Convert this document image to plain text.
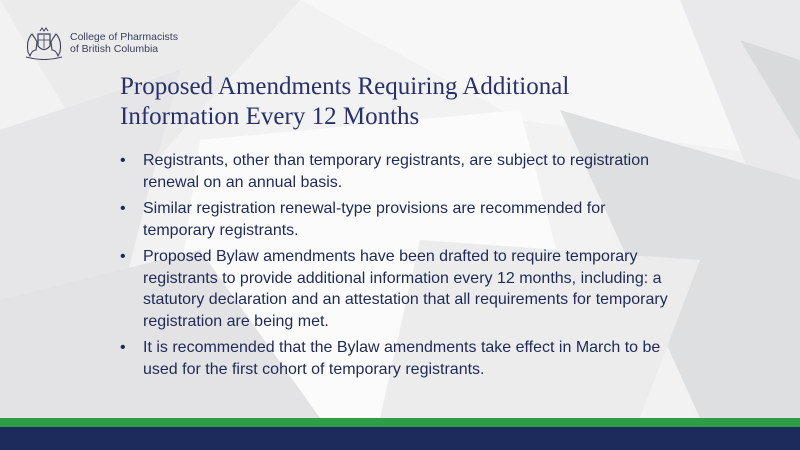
College of Pharmacists
of British Columbia
Proposed Amendments Requiring Additional
Information Every 12 Months
• Registrants, other than temporary registrants, are subject to registration renewal on an annual basis.
• Similar registration renewal-type provisions are recommended for temporary registrants.
• Proposed Bylaw amendments have been drafted to require temporary registrants to provide additional information every 12 months, including: a statutory declaration and an attestation that all requirements for temporary registration are being met.
• It is recommended that the Bylaw amendments take effect in March to be used for the first cohort of temporary registrants.
